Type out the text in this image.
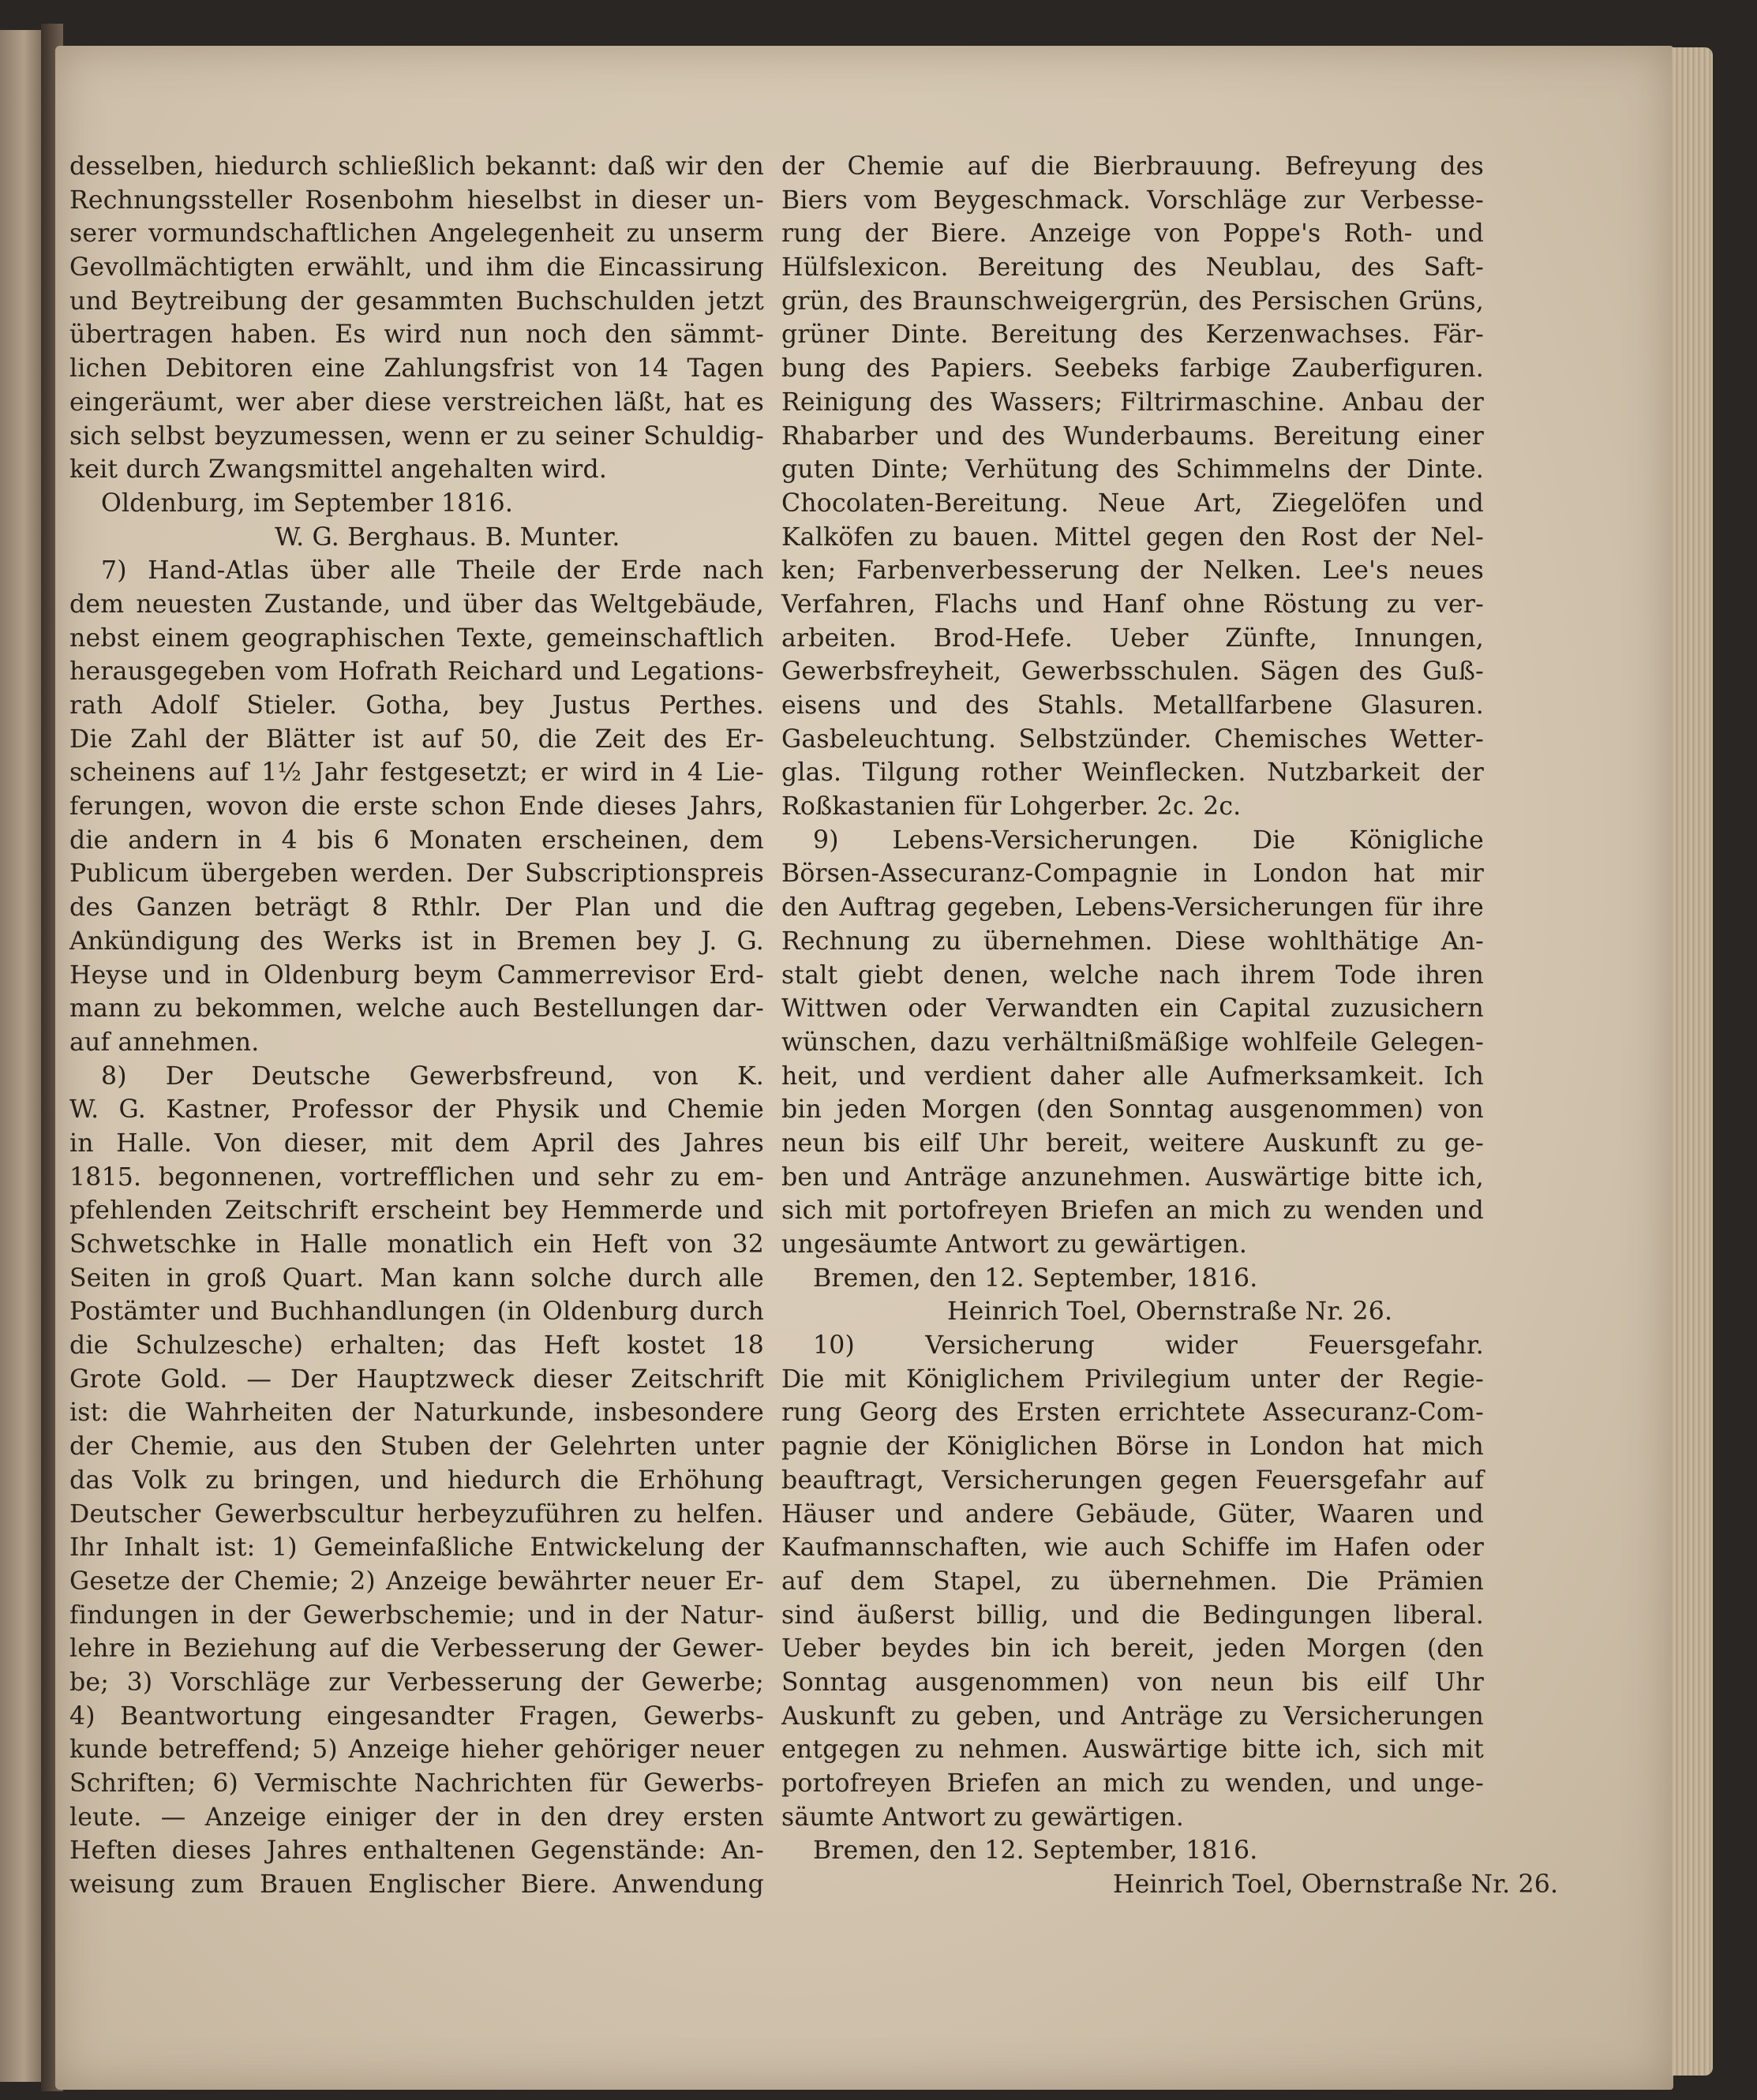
desselben, hiedurch schließlich bekannt: daß wir den
Rechnungssteller Rosenbohm hieselbst in dieser un-
serer vormundschaftlichen Angelegenheit zu unserm
Gevollmächtigten erwählt, und ihm die Eincassirung
und Beytreibung der gesammten Buchschulden jetzt
übertragen haben. Es wird nun noch den sämmt-
lichen Debitoren eine Zahlungsfrist von 14 Tagen
eingeräumt, wer aber diese verstreichen läßt, hat es
sich selbst beyzumessen, wenn er zu seiner Schuldig-
keit durch Zwangsmittel angehalten wird.
Oldenburg, im September 1816.
W. G. Berghaus. B. Munter.
7) Hand-Atlas über alle Theile der Erde nach
dem neuesten Zustande, und über das Weltgebäude,
nebst einem geographischen Texte, gemeinschaftlich
herausgegeben vom Hofrath Reichard und Legations-
rath Adolf Stieler. Gotha, bey Justus Perthes.
Die Zahl der Blätter ist auf 50, die Zeit des Er-
scheinens auf 1½ Jahr festgesetzt; er wird in 4 Lie-
ferungen, wovon die erste schon Ende dieses Jahrs,
die andern in 4 bis 6 Monaten erscheinen, dem
Publicum übergeben werden. Der Subscriptionspreis
des Ganzen beträgt 8 Rthlr. Der Plan und die
Ankündigung des Werks ist in Bremen bey J. G.
Heyse und in Oldenburg beym Cammerrevisor Erd-
mann zu bekommen, welche auch Bestellungen dar-
auf annehmen.
8) Der Deutsche Gewerbsfreund, von K.
W. G. Kastner, Professor der Physik und Chemie
in Halle. Von dieser, mit dem April des Jahres
1815. begonnenen, vortrefflichen und sehr zu em-
pfehlenden Zeitschrift erscheint bey Hemmerde und
Schwetschke in Halle monatlich ein Heft von 32
Seiten in groß Quart. Man kann solche durch alle
Postämter und Buchhandlungen (in Oldenburg durch
die Schulzesche) erhalten; das Heft kostet 18
Grote Gold. — Der Hauptzweck dieser Zeitschrift
ist: die Wahrheiten der Naturkunde, insbesondere
der Chemie, aus den Stuben der Gelehrten unter
das Volk zu bringen, und hiedurch die Erhöhung
Deutscher Gewerbscultur herbeyzuführen zu helfen.
Ihr Inhalt ist: 1) Gemeinfaßliche Entwickelung der
Gesetze der Chemie; 2) Anzeige bewährter neuer Er-
findungen in der Gewerbschemie; und in der Natur-
lehre in Beziehung auf die Verbesserung der Gewer-
be; 3) Vorschläge zur Verbesserung der Gewerbe;
4) Beantwortung eingesandter Fragen, Gewerbs-
kunde betreffend; 5) Anzeige hieher gehöriger neuer
Schriften; 6) Vermischte Nachrichten für Gewerbs-
leute. — Anzeige einiger der in den drey ersten
Heften dieses Jahres enthaltenen Gegenstände: An-
weisung zum Brauen Englischer Biere. Anwendung
der Chemie auf die Bierbrauung. Befreyung des
Biers vom Beygeschmack. Vorschläge zur Verbesse-
rung der Biere. Anzeige von Poppe's Roth- und
Hülfslexicon. Bereitung des Neublau, des Saft-
grün, des Braunschweigergrün, des Persischen Grüns,
grüner Dinte. Bereitung des Kerzenwachses. Fär-
bung des Papiers. Seebeks farbige Zauberfiguren.
Reinigung des Wassers; Filtrirmaschine. Anbau der
Rhabarber und des Wunderbaums. Bereitung einer
guten Dinte; Verhütung des Schimmelns der Dinte.
Chocolaten-Bereitung. Neue Art, Ziegelöfen und
Kalköfen zu bauen. Mittel gegen den Rost der Nel-
ken; Farbenverbesserung der Nelken. Lee's neues
Verfahren, Flachs und Hanf ohne Röstung zu ver-
arbeiten. Brod-Hefe. Ueber Zünfte, Innungen,
Gewerbsfreyheit, Gewerbsschulen. Sägen des Guß-
eisens und des Stahls. Metallfarbene Glasuren.
Gasbeleuchtung. Selbstzünder. Chemisches Wetter-
glas. Tilgung rother Weinflecken. Nutzbarkeit der
Roßkastanien für Lohgerber. 2c. 2c.
9) Lebens-Versicherungen. Die Königliche
Börsen-Assecuranz-Compagnie in London hat mir
den Auftrag gegeben, Lebens-Versicherungen für ihre
Rechnung zu übernehmen. Diese wohlthätige An-
stalt giebt denen, welche nach ihrem Tode ihren
Wittwen oder Verwandten ein Capital zuzusichern
wünschen, dazu verhältnißmäßige wohlfeile Gelegen-
heit, und verdient daher alle Aufmerksamkeit. Ich
bin jeden Morgen (den Sonntag ausgenommen) von
neun bis eilf Uhr bereit, weitere Auskunft zu ge-
ben und Anträge anzunehmen. Auswärtige bitte ich,
sich mit portofreyen Briefen an mich zu wenden und
ungesäumte Antwort zu gewärtigen.
Bremen, den 12. September, 1816.
Heinrich Toel, Obernstraße Nr. 26.
10) Versicherung wider Feuersgefahr.
Die mit Königlichem Privilegium unter der Regie-
rung Georg des Ersten errichtete Assecuranz-Com-
pagnie der Königlichen Börse in London hat mich
beauftragt, Versicherungen gegen Feuersgefahr auf
Häuser und andere Gebäude, Güter, Waaren und
Kaufmannschaften, wie auch Schiffe im Hafen oder
auf dem Stapel, zu übernehmen. Die Prämien
sind äußerst billig, und die Bedingungen liberal.
Ueber beydes bin ich bereit, jeden Morgen (den
Sonntag ausgenommen) von neun bis eilf Uhr
Auskunft zu geben, und Anträge zu Versicherungen
entgegen zu nehmen. Auswärtige bitte ich, sich mit
portofreyen Briefen an mich zu wenden, und unge-
säumte Antwort zu gewärtigen.
Bremen, den 12. September, 1816.
Heinrich Toel, Obernstraße Nr. 26.
